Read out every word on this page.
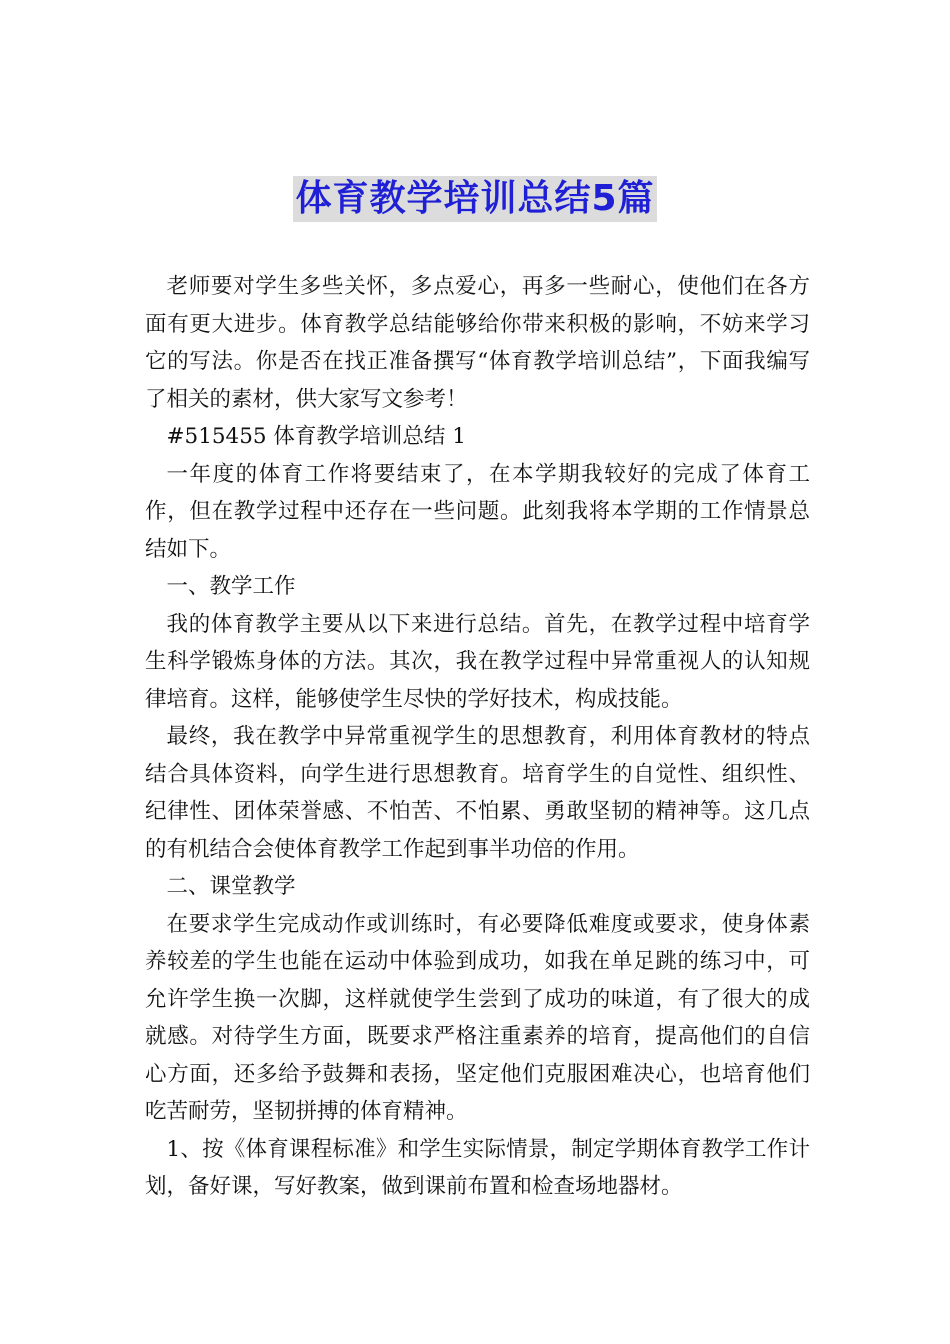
体育教学培训总结5篇

老师要对学生多些关怀，多点爱心，再多一些耐心，使他们在各方面有更大进步。体育教学总结能够给你带来积极的影响，不妨来学习它的写法。你是否在找正准备撰写“体育教学培训总结”，下面我编写了相关的素材，供大家写文参考！

#515455 体育教学培训总结 1

一年度的体育工作将要结束了，在本学期我较好的完成了体育工作，但在教学过程中还存在一些问题。此刻我将本学期的工作情景总结如下。

一、教学工作

我的体育教学主要从以下来进行总结。首先，在教学过程中培育学生科学锻炼身体的方法。其次，我在教学过程中异常重视人的认知规律培育。这样，能够使学生尽快的学好技术，构成技能。

最终，我在教学中异常重视学生的思想教育，利用体育教材的特点结合具体资料，向学生进行思想教育。培育学生的自觉性、组织性、纪律性、团体荣誉感、不怕苦、不怕累、勇敢坚韧的精神等。这几点的有机结合会使体育教学工作起到事半功倍的作用。

二、课堂教学

在要求学生完成动作或训练时，有必要降低难度或要求，使身体素养较差的学生也能在运动中体验到成功，如我在单足跳的练习中，可允许学生换一次脚，这样就使学生尝到了成功的味道，有了很大的成就感。对待学生方面，既要求严格注重素养的培育，提高他们的自信心方面，还多给予鼓舞和表扬，坚定他们克服困难决心，也培育他们吃苦耐劳，坚韧拼搏的体育精神。

1、按《体育课程标准》和学生实际情景，制定学期体育教学工作计划，备好课，写好教案，做到课前布置和检查场地器材。
